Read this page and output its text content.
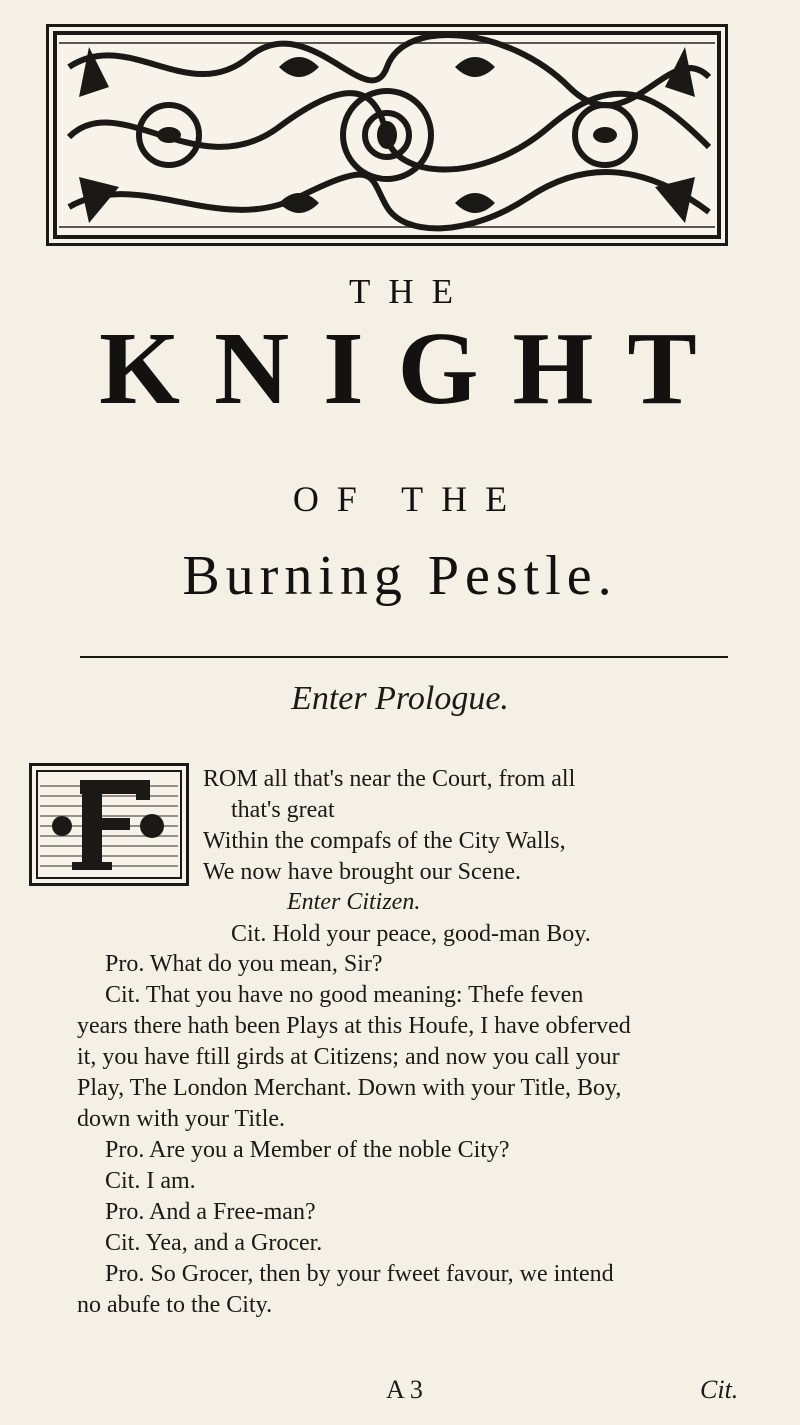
THE
KNIGHT
OF THE
Burning Pestle.
Enter Prologue.
ROM all that's near the Court, from all
that's great
Within the compafs of the City Walls,
We now have brought our Scene.
Enter Citizen.
Cit. Hold your peace, good-man Boy.
Pro. What do you mean, Sir?
Cit. That you have no good meaning: Thefe feven
years there hath been Plays at this Houfe, I have obferved
it, you have ftill girds at Citizens; and now you call your
Play, The London Merchant. Down with your Title, Boy,
down with your Title.
Pro. Are you a Member of the noble City?
Cit. I am.
Pro. And a Free-man?
Cit. Yea, and a Grocer.
Pro. So Grocer, then by your fweet favour, we intend
no abufe to the City.
A 3	Cit.
